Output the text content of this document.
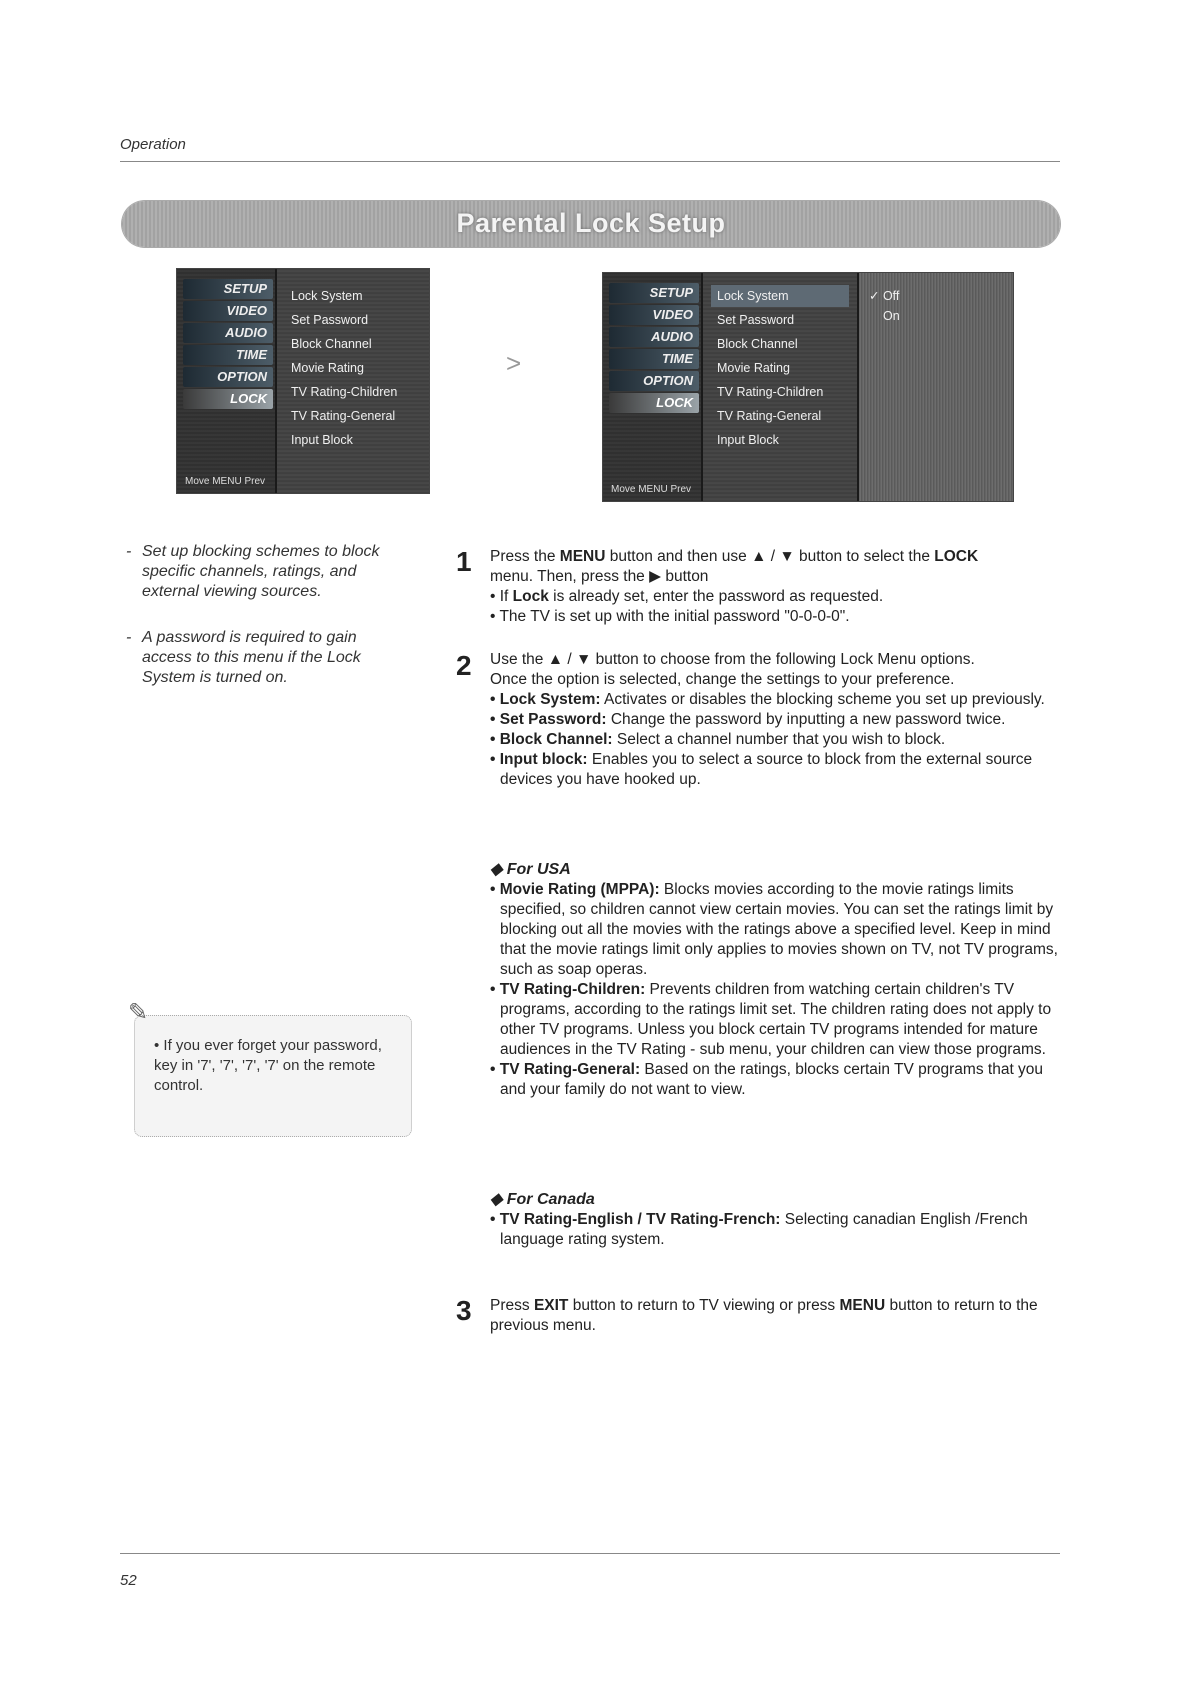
Operation
Parental Lock Setup
SETUP
VIDEO
AUDIO
TIME
OPTION
LOCK
Lock System
Set Password
Block Channel
Movie Rating
TV Rating-Children
TV Rating-General
Input Block
Move MENU Prev
>
SETUP
VIDEO
AUDIO
TIME
OPTION
LOCK
Lock System
Set Password
Block Channel
Movie Rating
TV Rating-Children
TV Rating-General
Input Block
✓ Off
On
Move MENU Prev
- Set up blocking schemes to block specific channels, ratings, and external viewing sources.
- A password is required to gain access to this menu if the Lock System is turned on.
✎
• If you ever forget your password, key in '7', '7', '7', '7' on the remote control.
1 Press the MENU button and then use ▲ / ▼ button to select the LOCK
menu. Then, press the ▶ button
• If Lock is already set, enter the password as requested.
• The TV is set up with the initial password "0-0-0-0".
2 Use the ▲ / ▼ button to choose from the following Lock Menu options.
Once the option is selected, change the settings to your preference.
• Lock System: Activates or disables the blocking scheme you set up previously.
• Set Password: Change the password by inputting a new password twice.
• Block Channel: Select a channel number that you wish to block.
• Input block: Enables you to select a source to block from the external source devices you have hooked up.
◆ For USA
• Movie Rating (MPPA): Blocks movies according to the movie ratings limits specified, so children cannot view certain movies. You can set the ratings limit by blocking out all the movies with the ratings above a specified level. Keep in mind that the movie ratings limit only applies to movies shown on TV, not TV programs, such as soap operas.
• TV Rating-Children: Prevents children from watching certain children's TV programs, according to the ratings limit set. The children rating does not apply to other TV programs. Unless you block certain TV programs intended for mature audiences in the TV Rating - sub menu, your children can view those programs.
• TV Rating-General: Based on the ratings, blocks certain TV programs that you and your family do not want to view.
◆ For Canada
• TV Rating-English / TV Rating-French: Selecting canadian English /French language rating system.
3 Press EXIT button to return to TV viewing or press MENU button to return to the previous menu.
52
